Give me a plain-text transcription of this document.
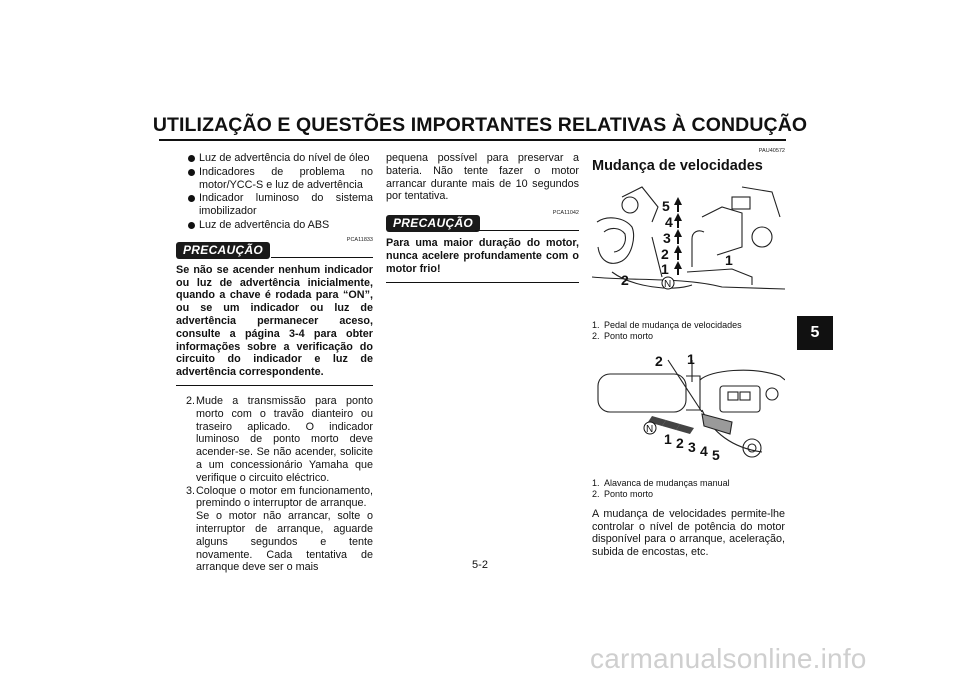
UTILIZAÇÃO E QUESTÕES IMPORTANTES RELATIVAS À CONDUÇÃO
5
Luz de advertência do nível de óleo
Indicadores de problema no motor/YCC-S e luz de advertência
Indicador luminoso do sistema imobilizador
Luz de advertência do ABS
PRECAUÇÃO
PCA11833
Se não se acender nenhum indicador ou luz de advertência inicialmente, quando a chave é rodada para “ON”, ou se um indicador ou luz de advertência permanecer aceso, consulte a página 3-4 para obter informações sobre a verificação do circuito do indicador e luz de advertência correspondente.
2. Mude a transmissão para ponto morto com o travão dianteiro ou traseiro aplicado. O indicador luminoso de ponto morto deve acender-se. Se não acender, solicite a um concessionário Yamaha que verifique o circuito eléctrico.
3. Coloque o motor em funcionamento, premindo o interruptor de arranque.
Se o motor não arrancar, solte o interruptor de arranque, aguarde alguns segundos e tente novamente. Cada tentativa de arranque deve ser o mais
pequena possível para preservar a bateria. Não tente fazer o motor arrancar durante mais de 10 segundos por tentativa.
PRECAUÇÃO
PCA11042
Para uma maior duração do motor, nunca acelere profundamente com o motor frio!
PAU40572
Mudança de velocidades
5
4
3
2
1
1
2	N
1. Pedal de mudança de velocidades
2. Ponto morto
2 1
1 2 3 4 5
N
1. Alavanca de mudanças manual
2. Ponto morto
A mudança de velocidades permite-lhe controlar o nível de potência do motor disponível para o arranque, aceleração, subida de encostas, etc.
5-2
carmanualsonline.info
